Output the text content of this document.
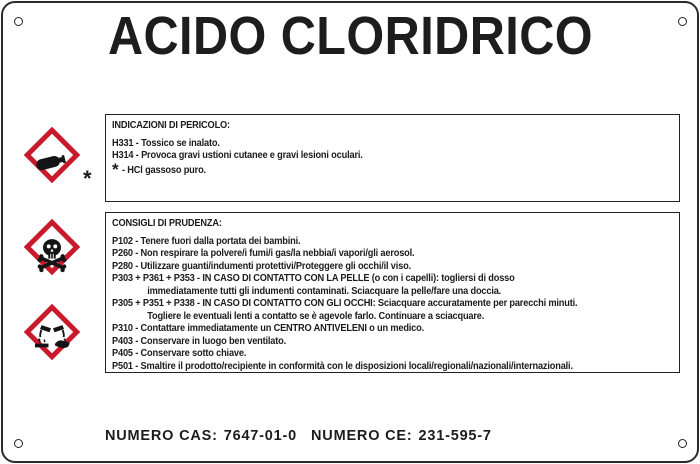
ACIDO CLORIDRICO
*
INDICAZIONI DI PERICOLO:
H331 - Tossico se inalato.
H314 - Provoca gravi ustioni cutanee e gravi lesioni oculari.
* - HCl gassoso puro.
CONSIGLI DI PRUDENZA:
P102 - Tenere fuori dalla portata dei bambini.
P260 - Non respirare la polvere/i fumi/i gas/la nebbia/i vapori/gli aerosol.
P280 - Utilizzare guanti/indumenti protettivi/Proteggere gli occhi/il viso.
P303 + P361 + P353 - IN CASO DI CONTATTO CON LA PELLE (o con i capelli): togliersi di dosso
immediatamente tutti gli indumenti contaminati. Sciacquare la pelle/fare una doccia.
P305 + P351 + P338 - IN CASO DI CONTATTO CON GLI OCCHI: Sciacquare accuratamente per parecchi minuti.
Togliere le eventuali lenti a contatto se è agevole farlo. Continuare a sciacquare.
P310 - Contattare immediatamente un CENTRO ANTIVELENI o un medico.
P403 - Conservare in luogo ben ventilato.
P405 - Conservare sotto chiave.
P501 - Smaltire il prodotto/recipiente in conformità con le disposizioni locali/regionali/nazionali/internazionali.
NUMERO CAS: 7647-01-0 NUMERO CE: 231-595-7
